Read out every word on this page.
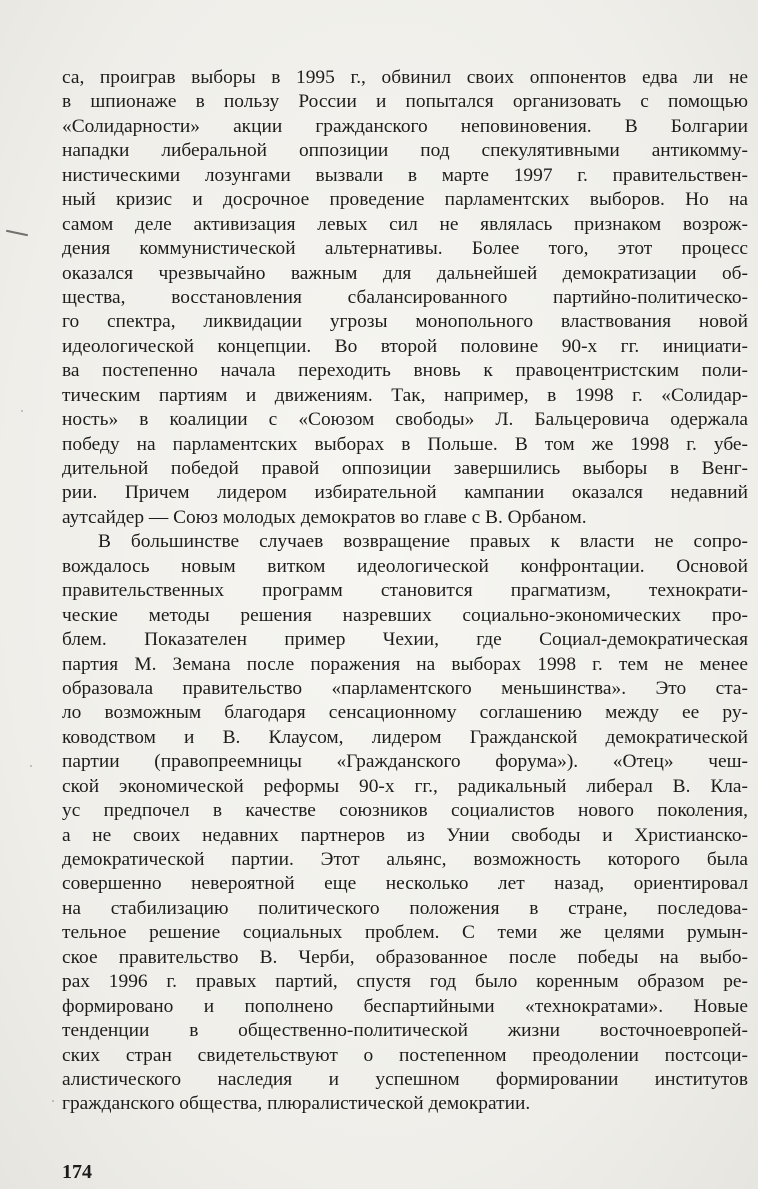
са, проиграв выборы в 1995 г., обвинил своих оппонентов едва ли не
в шпионаже в пользу России и попытался организовать с помощью
«Солидарности» акции гражданского неповиновения. В Болгарии
нападки либеральной оппозиции под спекулятивными антикомму-
нистическими лозунгами вызвали в марте 1997 г. правительствен-
ный кризис и досрочное проведение парламентских выборов. Но на
самом деле активизация левых сил не являлась признаком возрож-
дения коммунистической альтернативы. Более того, этот процесс
оказался чрезвычайно важным для дальнейшей демократизации об-
щества, восстановления сбалансированного партийно-политическо-
го спектра, ликвидации угрозы монопольного властвования новой
идеологической концепции. Во второй половине 90-х гг. инициати-
ва постепенно начала переходить вновь к правоцентристским поли-
тическим партиям и движениям. Так, например, в 1998 г. «Солидар-
ность» в коалиции с «Союзом свободы» Л. Бальцеровича одержала
победу на парламентских выборах в Польше. В том же 1998 г. убе-
дительной победой правой оппозиции завершились выборы в Венг-
рии. Причем лидером избирательной кампании оказался недавний
аутсайдер — Союз молодых демократов во главе с В. Орбаном.
В большинстве случаев возвращение правых к власти не сопро-
вождалось новым витком идеологической конфронтации. Основой
правительственных программ становится прагматизм, технократи-
ческие методы решения назревших социально-экономических про-
блем. Показателен пример Чехии, где Социал-демократическая
партия М. Земана после поражения на выборах 1998 г. тем не менее
образовала правительство «парламентского меньшинства». Это ста-
ло возможным благодаря сенсационному соглашению между ее ру-
ководством и В. Клаусом, лидером Гражданской демократической
партии (правопреемницы «Гражданского форума»). «Отец» чеш-
ской экономической реформы 90-х гг., радикальный либерал В. Кла-
ус предпочел в качестве союзников социалистов нового поколения,
а не своих недавних партнеров из Унии свободы и Христианско-
демократической партии. Этот альянс, возможность которого была
совершенно невероятной еще несколько лет назад, ориентировал
на стабилизацию политического положения в стране, последова-
тельное решение социальных проблем. С теми же целями румын-
ское правительство В. Черби, образованное после победы на выбо-
рах 1996 г. правых партий, спустя год было коренным образом ре-
формировано и пополнено беспартийными «технократами». Новые
тенденции в общественно-политической жизни восточноевропей-
ских стран свидетельствуют о постепенном преодолении постсоци-
алистического наследия и успешном формировании институтов
гражданского общества, плюралистической демократии.
174
